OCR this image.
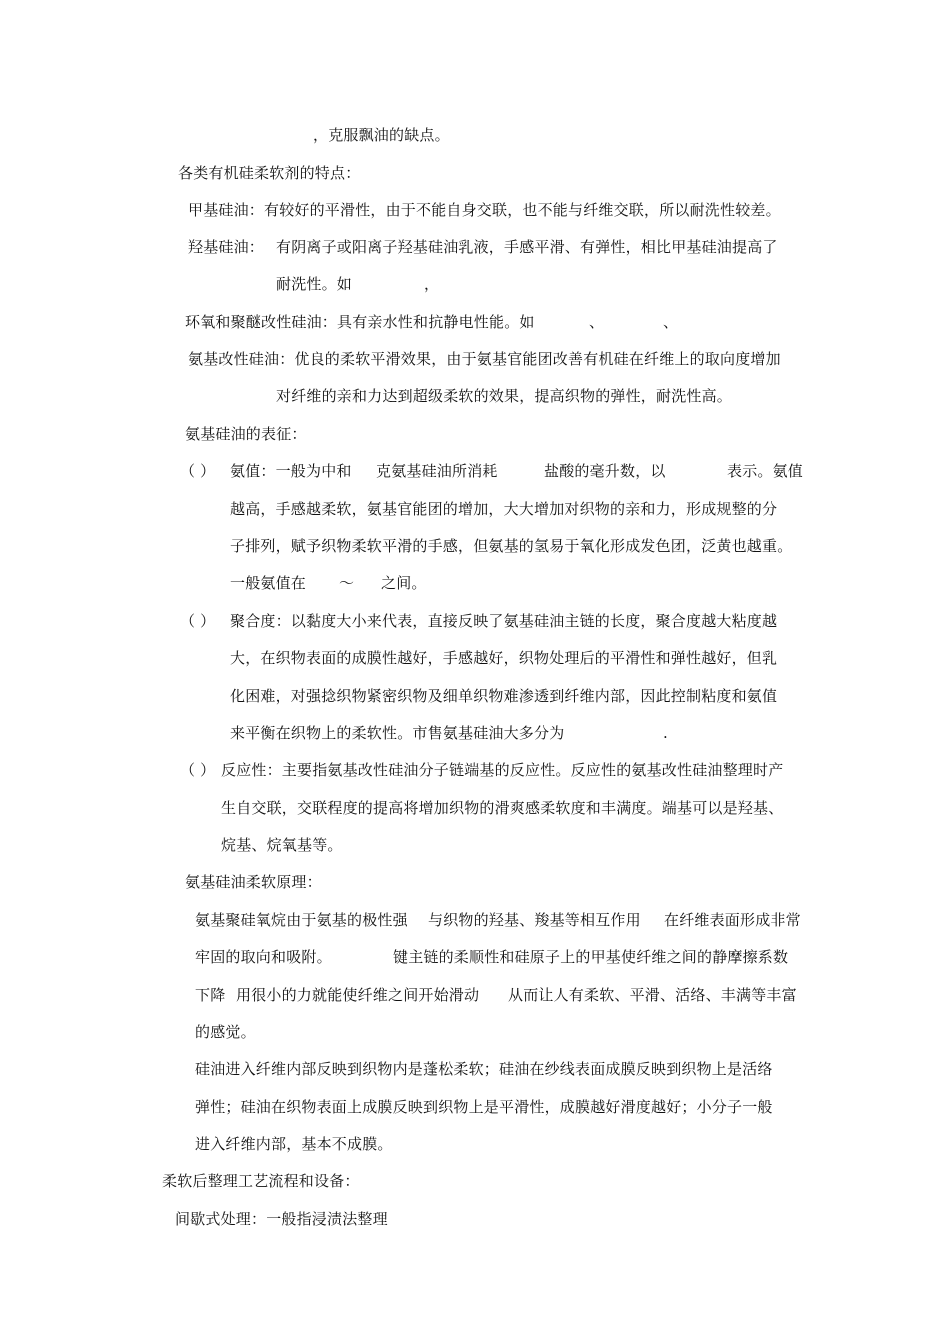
，克服飘油的缺点。
各类有机硅柔软剂的特点：
甲基硅油：有较好的平滑性，由于不能自身交联，也不能与纤维交联，所以耐洗性较差。
羟基硅油： 有阴离子或阳离子羟基硅油乳液，手感平滑、有弹性，相比甲基硅油提高了
耐洗性。如	，
环氧和聚醚改性硅油：具有亲水性和抗静电性能。如	、	、
氨基改性硅油：优良的柔软平滑效果，由于氨基官能团改善有机硅在纤维上的取向度增加
对纤维的亲和力达到超级柔软的效果，提高织物的弹性，耐洗性高。
氨基硅油的表征：
（ ） 氨值：一般为中和 克氨基硅油所消耗	盐酸的毫升数，以	表示。氨值
越高，手感越柔软，氨基官能团的增加，大大增加对织物的亲和力，形成规整的分
子排列，赋予织物柔软平滑的手感，但氨基的氢易于氧化形成发色团，泛黄也越重。
一般氨值在 ～ 之间。
（ ） 聚合度：以黏度大小来代表，直接反映了氨基硅油主链的长度，聚合度越大粘度越
大，在织物表面的成膜性越好，手感越好，织物处理后的平滑性和弹性越好，但乳
化困难，对强捻织物紧密织物及细单织物难渗透到纤维内部，因此控制粘度和氨值
来平衡在织物上的柔软性。市售氨基硅油大多分为	.
（ ） 反应性：主要指氨基改性硅油分子链端基的反应性。反应性的氨基改性硅油整理时产
生自交联，交联程度的提高将增加织物的滑爽感柔软度和丰满度。端基可以是羟基、
烷基、烷氧基等。
氨基硅油柔软原理：
氨基聚硅氧烷由于氨基的极性强 与织物的羟基、羧基等相互作用 在纤维表面形成非常
牢固的取向和吸附。	键主链的柔顺性和硅原子上的甲基使纤维之间的静摩擦系数
下降 用很小的力就能使纤维之间开始滑动 从而让人有柔软、平滑、活络、丰满等丰富
的感觉。
硅油进入纤维内部反映到织物内是蓬松柔软；硅油在纱线表面成膜反映到织物上是活络
弹性；硅油在织物表面上成膜反映到织物上是平滑性，成膜越好滑度越好；小分子一般
进入纤维内部，基本不成膜。
柔软后整理工艺流程和设备：
间歇式处理：一般指浸渍法整理
